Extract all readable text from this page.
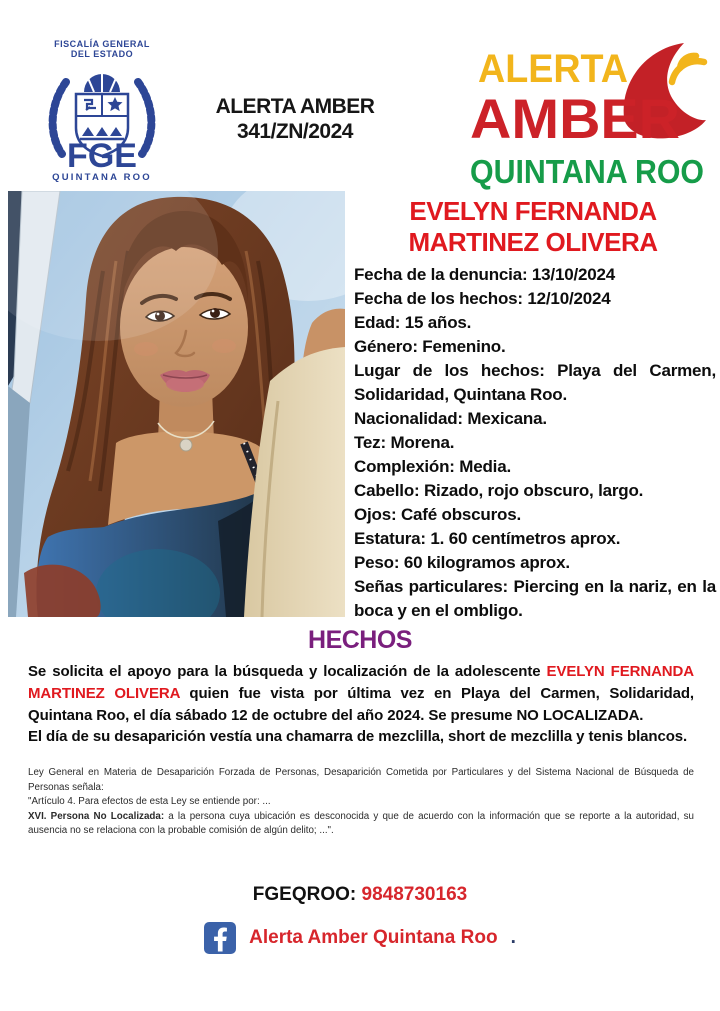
FISCALÍA GENERAL
DEL ESTADO
FGE
QUINTANA ROO
ALERTA AMBER
341/ZN/2024
ALERTA
AMBER
QUINTANA ROO
EVELYN FERNANDA
MARTINEZ OLIVERA
Fecha de la denuncia: 13/10/2024
Fecha de los hechos: 12/10/2024
Edad: 15 años.
Género: Femenino.
Lugar de los hechos: Playa del Carmen, Solidaridad, Quintana Roo.
Nacionalidad: Mexicana.
Tez: Morena.
Complexión: Media.
Cabello: Rizado, rojo obscuro, largo.
Ojos: Café obscuros.
Estatura: 1. 60 centímetros aprox.
Peso: 60 kilogramos aprox.
Señas particulares: Piercing en la nariz, en la boca y en el ombligo.
HECHOS
Se solicita el apoyo para la búsqueda y localización de la adolescente EVELYN FERNANDA MARTINEZ OLIVERA quien fue vista por última vez en Playa del Carmen, Solidaridad, Quintana Roo, el día sábado 12 de octubre del año 2024. Se presume NO LOCALIZADA.
El día de su desaparición vestía una chamarra de mezclilla, short de mezclilla y tenis blancos.
Ley General en Materia de Desaparición Forzada de Personas, Desaparición Cometida por Particulares y del Sistema Nacional de Búsqueda de Personas señala:
"Artículo 4. Para efectos de esta Ley se entiende por: ...
XVI. Persona No Localizada: a la persona cuya ubicación es desconocida y que de acuerdo con la información que se reporte a la autoridad, su ausencia no se relaciona con la probable comisión de algún delito; ...".
FGEQROO: 9848730163
Alerta Amber Quintana Roo .
